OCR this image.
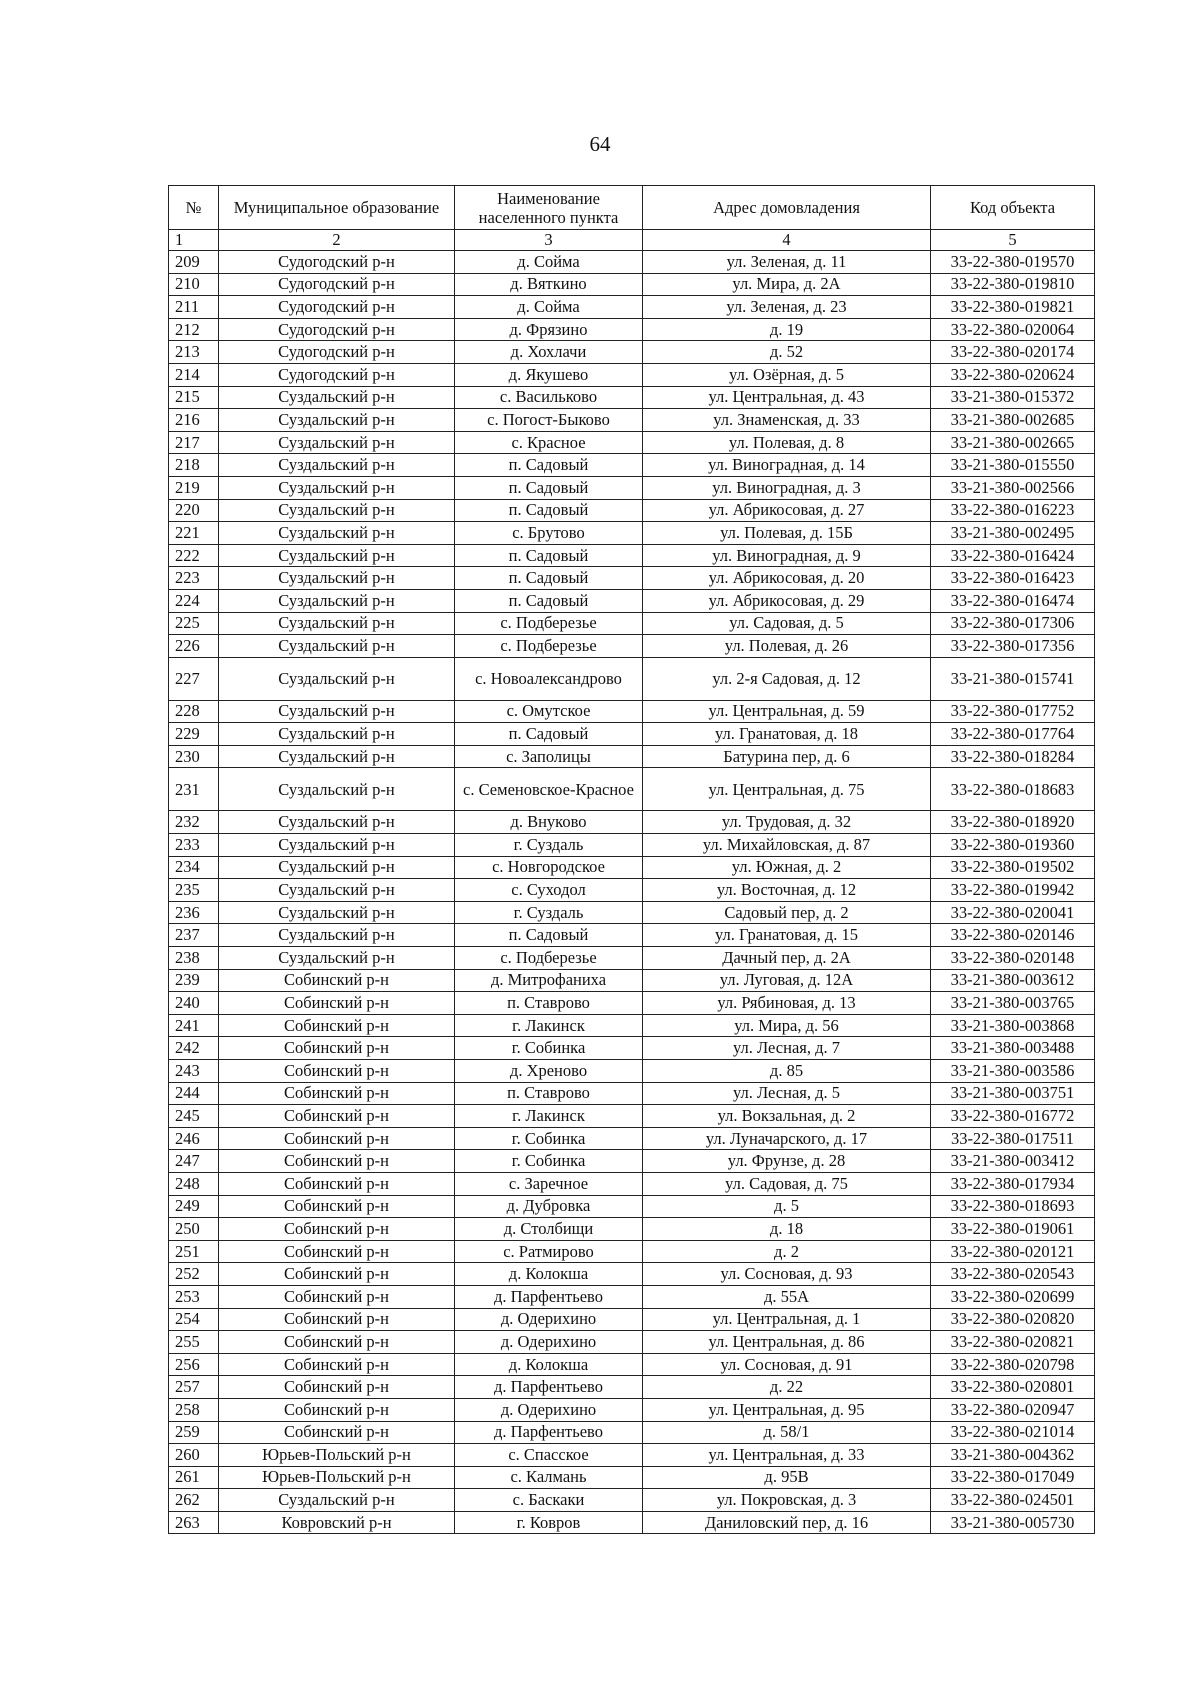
64
№	Муниципальное образование	Наименование населенного пункта	Адрес домовладения	Код объекта
1	2	3	4	5
209	Судогодский р-н	д. Сойма	ул. Зеленая, д. 11	33-22-380-019570
210	Судогодский р-н	д. Вяткино	ул. Мира, д. 2А	33-22-380-019810
211	Судогодский р-н	д. Сойма	ул. Зеленая, д. 23	33-22-380-019821
212	Судогодский р-н	д. Фрязино	д. 19	33-22-380-020064
213	Судогодский р-н	д. Хохлачи	д. 52	33-22-380-020174
214	Судогодский р-н	д. Якушево	ул. Озёрная, д. 5	33-22-380-020624
215	Суздальский р-н	с. Васильково	ул. Центральная, д. 43	33-21-380-015372
216	Суздальский р-н	с. Погост-Быково	ул. Знаменская, д. 33	33-21-380-002685
217	Суздальский р-н	с. Красное	ул. Полевая, д. 8	33-21-380-002665
218	Суздальский р-н	п. Садовый	ул. Виноградная, д. 14	33-21-380-015550
219	Суздальский р-н	п. Садовый	ул. Виноградная, д. 3	33-21-380-002566
220	Суздальский р-н	п. Садовый	ул. Абрикосовая, д. 27	33-22-380-016223
221	Суздальский р-н	с. Брутово	ул. Полевая, д. 15Б	33-21-380-002495
222	Суздальский р-н	п. Садовый	ул. Виноградная, д. 9	33-22-380-016424
223	Суздальский р-н	п. Садовый	ул. Абрикосовая, д. 20	33-22-380-016423
224	Суздальский р-н	п. Садовый	ул. Абрикосовая, д. 29	33-22-380-016474
225	Суздальский р-н	с. Подберезье	ул. Садовая, д. 5	33-22-380-017306
226	Суздальский р-н	с. Подберезье	ул. Полевая, д. 26	33-22-380-017356
227	Суздальский р-н	с. Новоалександрово	ул. 2-я Садовая, д. 12	33-21-380-015741
228	Суздальский р-н	с. Омутское	ул. Центральная, д. 59	33-22-380-017752
229	Суздальский р-н	п. Садовый	ул. Гранатовая, д. 18	33-22-380-017764
230	Суздальский р-н	с. Заполицы	Батурина пер, д. 6	33-22-380-018284
231	Суздальский р-н	с. Семеновское-Красное	ул. Центральная, д. 75	33-22-380-018683
232	Суздальский р-н	д. Внуково	ул. Трудовая, д. 32	33-22-380-018920
233	Суздальский р-н	г. Суздаль	ул. Михайловская, д. 87	33-22-380-019360
234	Суздальский р-н	с. Новгородское	ул. Южная, д. 2	33-22-380-019502
235	Суздальский р-н	с. Суходол	ул. Восточная, д. 12	33-22-380-019942
236	Суздальский р-н	г. Суздаль	Садовый пер, д. 2	33-22-380-020041
237	Суздальский р-н	п. Садовый	ул. Гранатовая, д. 15	33-22-380-020146
238	Суздальский р-н	с. Подберезье	Дачный пер, д. 2А	33-22-380-020148
239	Собинский р-н	д. Митрофаниха	ул. Луговая, д. 12А	33-21-380-003612
240	Собинский р-н	п. Ставрово	ул. Рябиновая, д. 13	33-21-380-003765
241	Собинский р-н	г. Лакинск	ул. Мира, д. 56	33-21-380-003868
242	Собинский р-н	г. Собинка	ул. Лесная, д. 7	33-21-380-003488
243	Собинский р-н	д. Хреново	д. 85	33-21-380-003586
244	Собинский р-н	п. Ставрово	ул. Лесная, д. 5	33-21-380-003751
245	Собинский р-н	г. Лакинск	ул. Вокзальная, д. 2	33-22-380-016772
246	Собинский р-н	г. Собинка	ул. Луначарского, д. 17	33-22-380-017511
247	Собинский р-н	г. Собинка	ул. Фрунзе, д. 28	33-21-380-003412
248	Собинский р-н	с. Заречное	ул. Садовая, д. 75	33-22-380-017934
249	Собинский р-н	д. Дубровка	д. 5	33-22-380-018693
250	Собинский р-н	д. Столбищи	д. 18	33-22-380-019061
251	Собинский р-н	с. Ратмирово	д. 2	33-22-380-020121
252	Собинский р-н	д. Колокша	ул. Сосновая, д. 93	33-22-380-020543
253	Собинский р-н	д. Парфентьево	д. 55А	33-22-380-020699
254	Собинский р-н	д. Одерихино	ул. Центральная, д. 1	33-22-380-020820
255	Собинский р-н	д. Одерихино	ул. Центральная, д. 86	33-22-380-020821
256	Собинский р-н	д. Колокша	ул. Сосновая, д. 91	33-22-380-020798
257	Собинский р-н	д. Парфентьево	д. 22	33-22-380-020801
258	Собинский р-н	д. Одерихино	ул. Центральная, д. 95	33-22-380-020947
259	Собинский р-н	д. Парфентьево	д. 58/1	33-22-380-021014
260	Юрьев-Польский р-н	с. Спасское	ул. Центральная, д. 33	33-21-380-004362
261	Юрьев-Польский р-н	с. Калмань	д. 95В	33-22-380-017049
262	Суздальский р-н	с. Баскаки	ул. Покровская, д. 3	33-22-380-024501
263	Ковровский р-н	г. Ковров	Даниловский пер, д. 16	33-21-380-005730
